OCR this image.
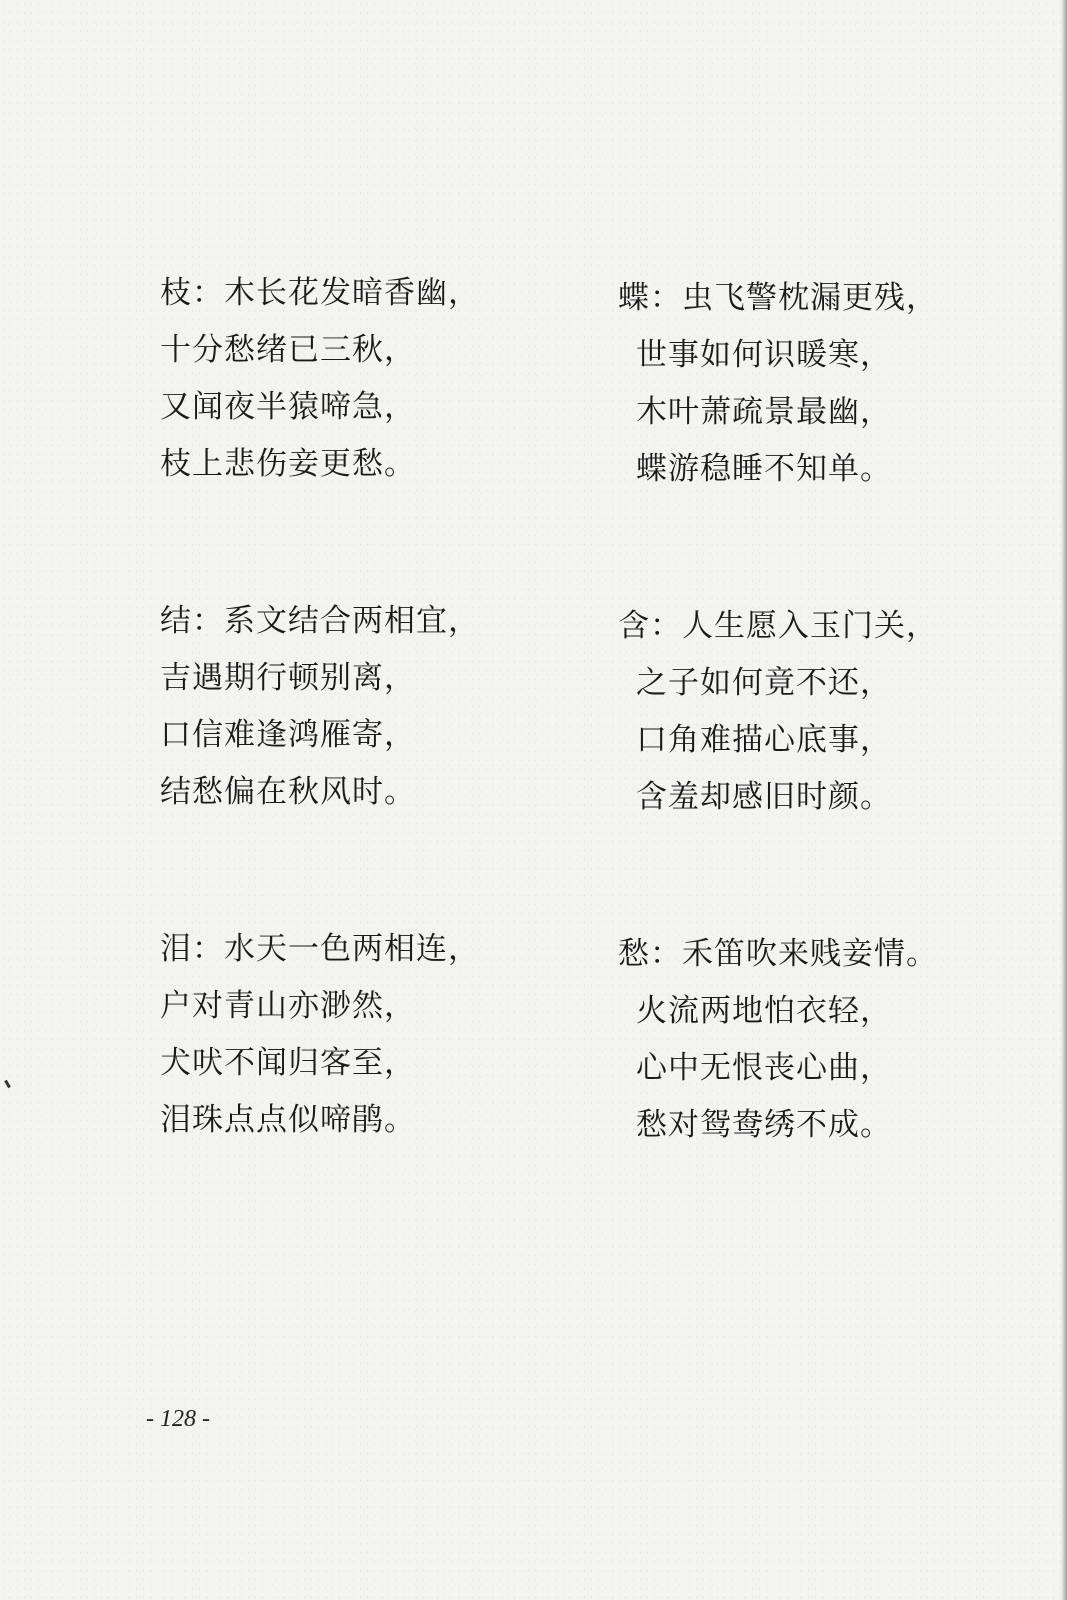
枝：木长花发暗香幽，
十分愁绪已三秋，
又闻夜半猿啼急，
枝上悲伤妾更愁。
结：系文结合两相宜，
吉遇期行顿别离，
口信难逢鸿雁寄，
结愁偏在秋风时。
泪：水天一色两相连，
户对青山亦渺然，
犬吠不闻归客至，
泪珠点点似啼鹃。
蝶：虫飞警枕漏更残，
世事如何识暖寒，
木叶萧疏景最幽，
蝶游稳睡不知单。
含：人生愿入玉门关，
之子如何竟不还，
口角难描心底事，
含羞却感旧时颜。
愁：禾笛吹来贱妾情。
火流两地怕衣轻，
心中无恨丧心曲，
愁对鸳鸯绣不成。
- 128 -
